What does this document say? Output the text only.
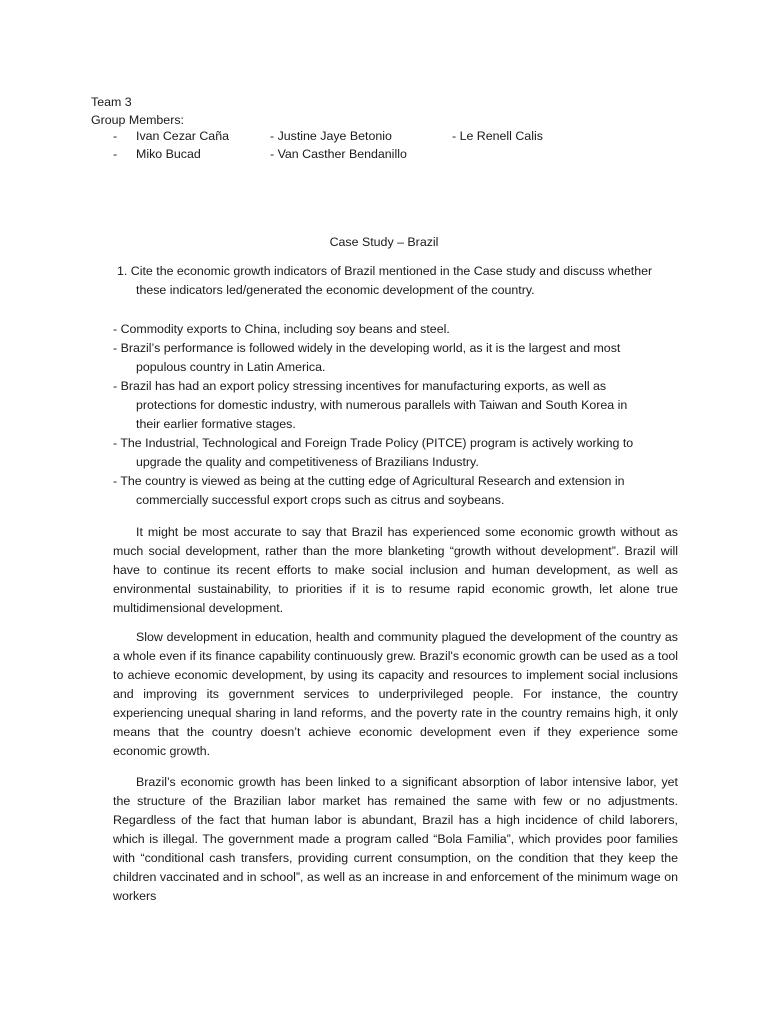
Team 3
Group Members:
- Ivan Cezar Caña	- Justine Jaye Betonio	- Le Renell Calis
- Miko Bucad	- Van Casther Bendanillo
Case Study – Brazil
1. Cite the economic growth indicators of Brazil mentioned in the Case study and discuss whether
these indicators led/generated the economic development of the country.
- Commodity exports to China, including soy beans and steel.
- Brazil’s performance is followed widely in the developing world, as it is the largest and most
populous country in Latin America.
- Brazil has had an export policy stressing incentives for manufacturing exports, as well as
protections for domestic industry, with numerous parallels with Taiwan and South Korea in
their earlier formative stages.
- The Industrial, Technological and Foreign Trade Policy (PITCE) program is actively working to
upgrade the quality and competitiveness of Brazilians Industry.
- The country is viewed as being at the cutting edge of Agricultural Research and extension in
commercially successful export crops such as citrus and soybeans.

It might be most accurate to say that Brazil has experienced some economic growth without as much social development, rather than the more blanketing “growth without development”. Brazil will have to continue its recent efforts to make social inclusion and human development, as well as environmental sustainability, to priorities if it is to resume rapid economic growth, let alone true multidimensional development.

Slow development in education, health and community plagued the development of the country as a whole even if its finance capability continuously grew. Brazil's economic growth can be used as a tool to achieve economic development, by using its capacity and resources to implement social inclusions and improving its government services to underprivileged people. For instance, the country experiencing unequal sharing in land reforms, and the poverty rate in the country remains high, it only means that the country doesn’t achieve economic development even if they experience some economic growth.

Brazil’s economic growth has been linked to a significant absorption of labor intensive labor, yet the structure of the Brazilian labor market has remained the same with few or no adjustments. Regardless of the fact that human labor is abundant, Brazil has a high incidence of child laborers, which is illegal. The government made a program called “Bola Familia”, which provides poor families with “conditional cash transfers, providing current consumption, on the condition that they keep the children vaccinated and in school”, as well as an increase in and enforcement of the minimum wage on workers
